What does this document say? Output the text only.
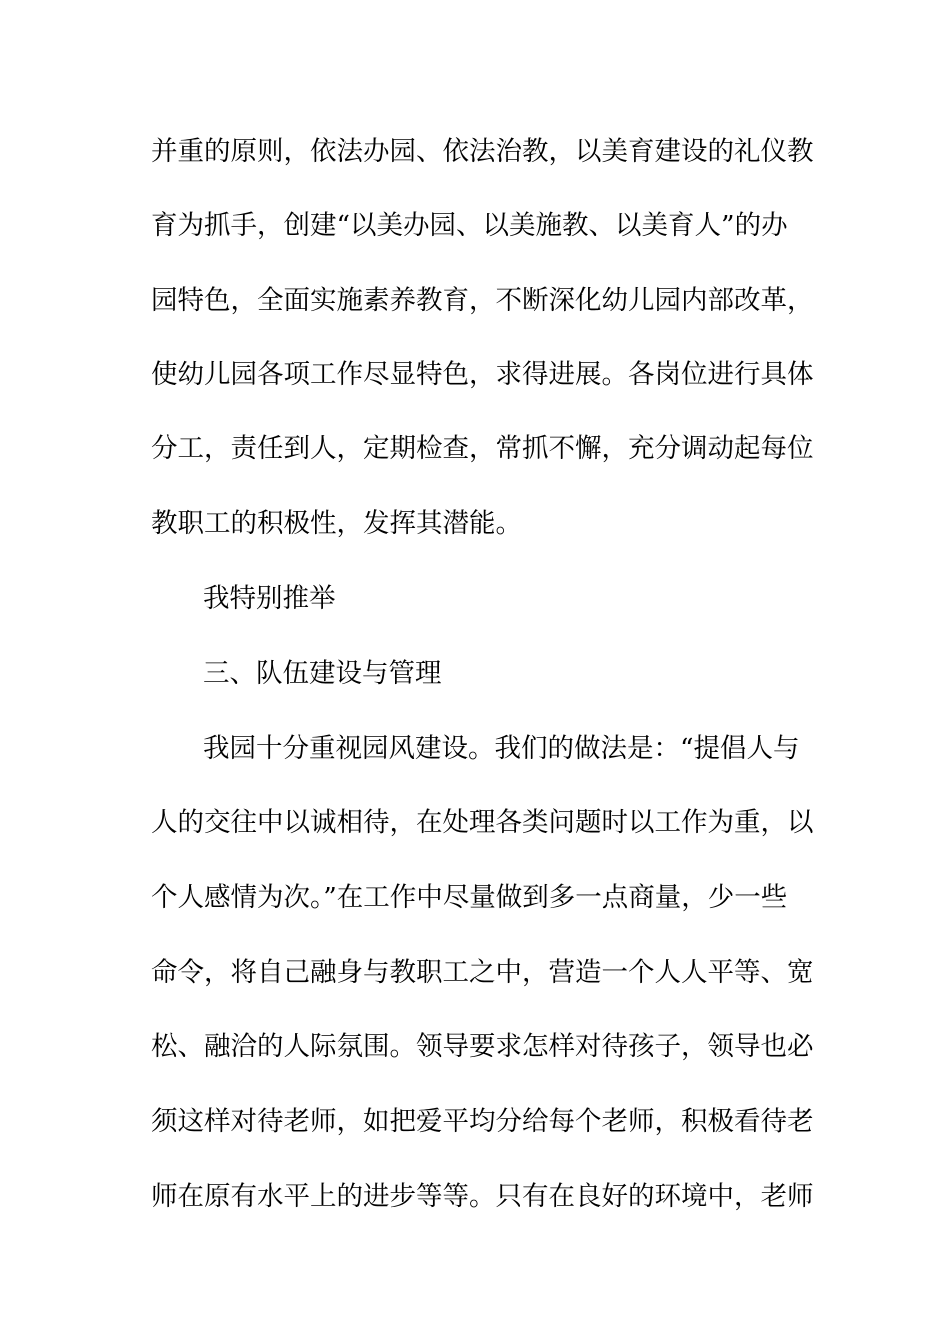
并重的原则，依法办园、依法治教，以美育建设的礼仪教
育为抓手，创建“以美办园、以美施教、以美育人”的办
园特色，全面实施素养教育，不断深化幼儿园内部改革，
使幼儿园各项工作尽显特色，求得进展。各岗位进行具体
分工，责任到人，定期检查，常抓不懈，充分调动起每位
教职工的积极性，发挥其潜能。
我特别推举
三、队伍建设与管理
我园十分重视园风建设。我们的做法是：“提倡人与
人的交往中以诚相待，在处理各类问题时以工作为重，以
个人感情为次。”在工作中尽量做到多一点商量，少一些
命令，将自己融身与教职工之中，营造一个人人平等、宽
松、融洽的人际氛围。领导要求怎样对待孩子，领导也必
须这样对待老师，如把爱平均分给每个老师，积极看待老
师在原有水平上的进步等等。只有在良好的环境中，老师
